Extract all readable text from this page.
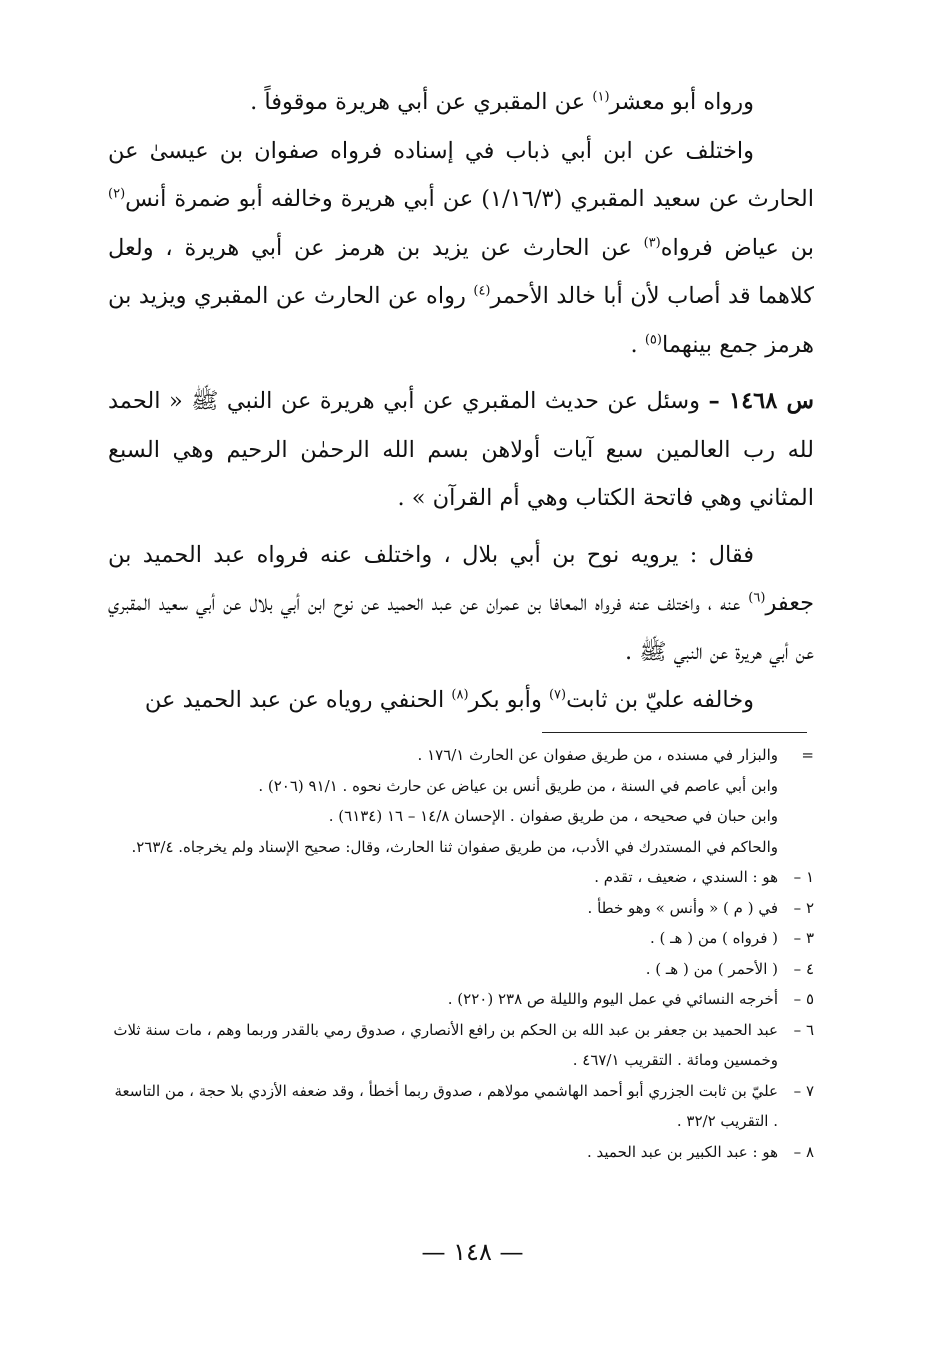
ورواه أبو معشر$^{(١)}$ عن المقبري عن أبي هريرة موقوفاً .

واختلف عن ابن أبي ذباب في إسناده فرواه صفوان بن عيسىٰ عن الحارث عن سعيد المقبري (١/١٦/٣) عن أبي هريرة وخالفه أبو ضمرة أنس$^{(٢)}$ بن عياض فرواه$^{(٣)}$ عن الحارث عن يزيد بن هرمز عن أبي هريرة ، ولعل كلاهما قد أصاب لأن أبا خالد الأحمر$^{(٤)}$ رواه عن الحارث عن المقبري ويزيد بن هرمز جمع بينهما$^{(٥)}$ .

س ١٤٦٨ – وسئل عن حديث المقبري عن أبي هريرة عن النبي ﷺ « الحمد لله رب العالمين سبع آيات أولاهن بسم الله الرحمٰن الرحيم وهي السبع المثاني وهي فاتحة الكتاب وهي أم القرآن » .

فقال : يرويه نوح بن أبي بلال ، واختلف عنه فرواه عبد الحميد بن جعفر$^{(٦)}$ عنه ، واختلف عنه فرواه المعافا بن عمران عن عبد الحميد عن نوح ابن أبي بلال عن أبي سعيد المقبري عن أبي هريرة عن النبي ﷺ .

وخالفه عليّ بن ثابت$^{(٧)}$ وأبو بكر$^{(٨)}$ الحنفي روياه عن عبد الحميد عن

=
والبزار في مسنده ، من طريق صفوان عن الحارث ١٧٦/١ .
وابن أبي عاصم في السنة ، من طريق أنس بن عياض عن حارث نحوه . ٩١/١ (٢٠٦) .
وابن حبان في صحيحه ، من طريق صفوان . الإحسان ١٤/٨ – ١٦ (٦١٣٤) .
والحاكم في المستدرك في الأدب، من طريق صفوان ثنا الحارث، وقال: صحيح الإسناد ولم يخرجاه. ٢٦٣/٤.
١ –
هو : السندي ، ضعيف ، تقدم .
٢ –
في ( م ) « وأنس » وهو خطأ .
٣ –
( فرواه ) من ( هـ ) .
٤ –
( الأحمر ) من ( هـ ) .
٥ –
أخرجه النسائي في عمل اليوم والليلة ص ٢٣٨ (٢٢٠) .
٦ –
عبد الحميد بن جعفر بن عبد الله بن الحكم بن رافع الأنصاري ، صدوق رمي بالقدر وربما وهم ، مات سنة ثلاث وخمسين ومائة . التقريب ٤٦٧/١ .
٧ –
عليّ بن ثابت الجزري أبو أحمد الهاشمي مولاهم ، صدوق ربما أخطأ ، وقد ضعفه الأزدي بلا حجة ، من التاسعة . التقريب ٣٢/٢ .
٨ –
هو : عبد الكبير بن عبد الحميد .
— ١٤٨ —
